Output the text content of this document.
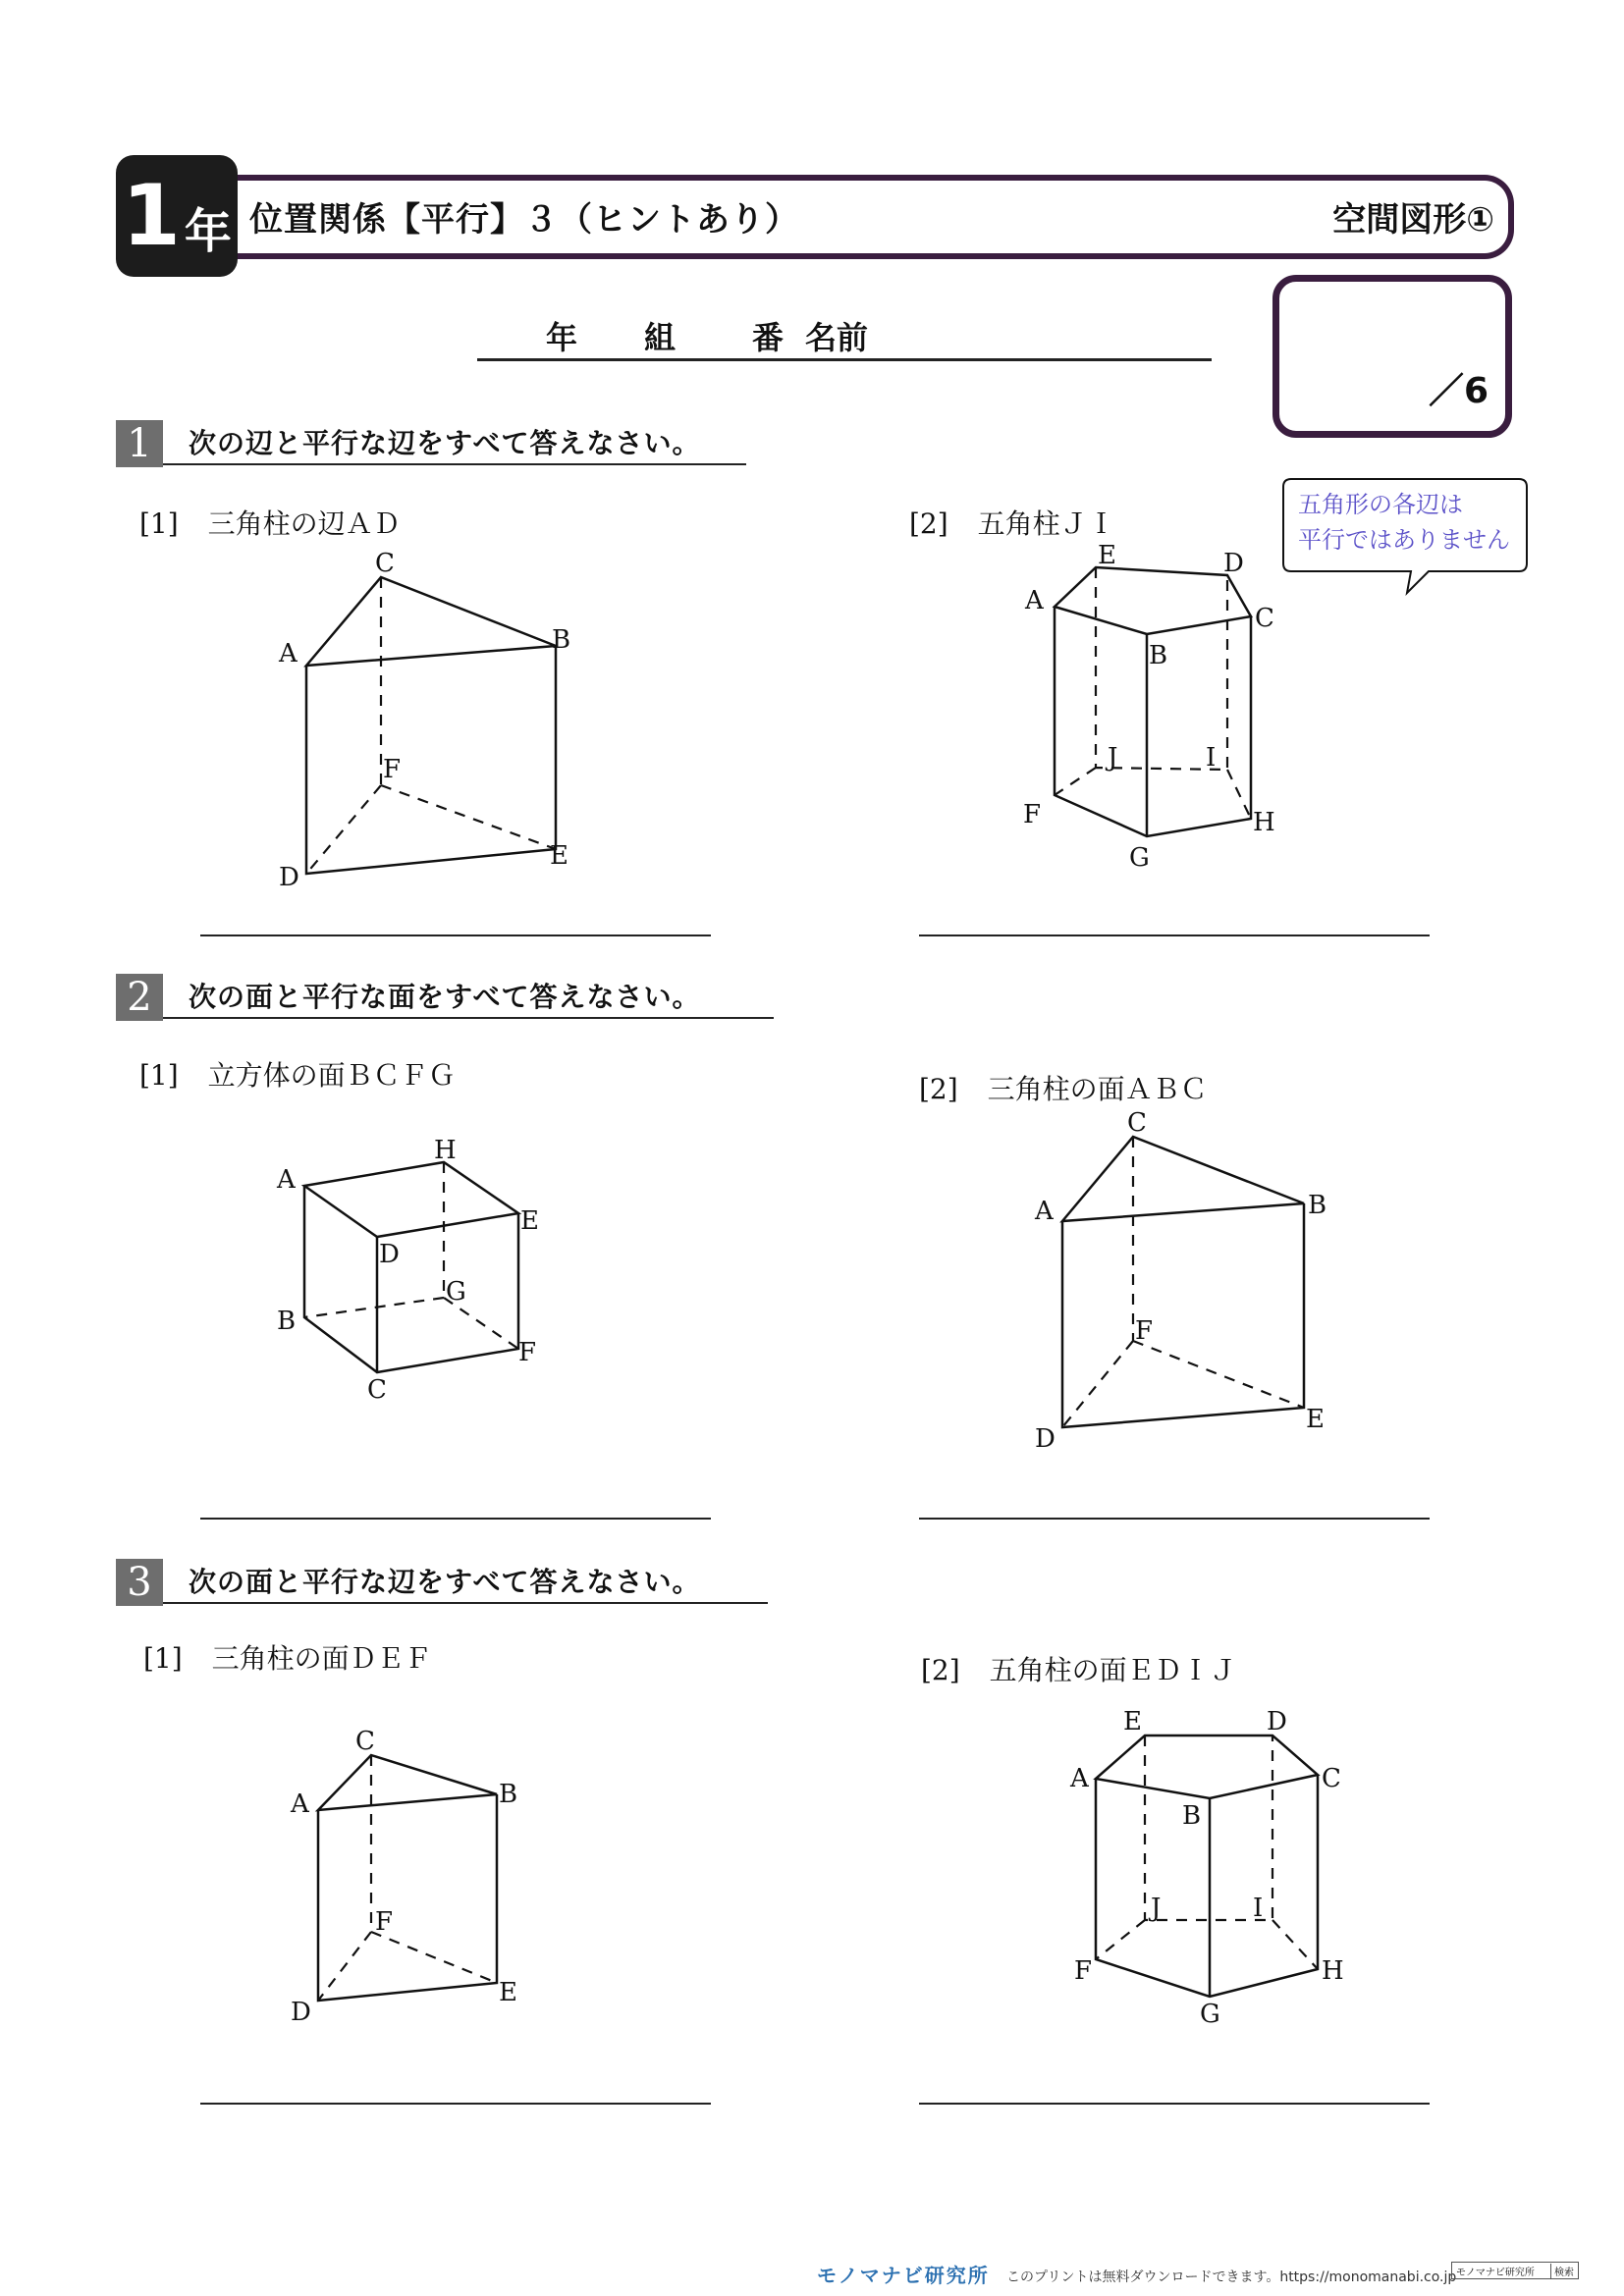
1 年 位置関係【平行】３（ヒントあり）	空間図形①
年	組	番 名前
／6
五角形の各辺は
平行ではありません
1	次の辺と平行な辺をすべて答えなさい。
[1] 三角柱の辺ＡＤ	[2] 五角柱ＪＩ
C
A	B
F
D
E
E	D
A
C
B
J	I
F	H
G
2	次の面と平行な面をすべて答えなさい。
[1] 立方体の面ＢＣＦＧ	[2] 三角柱の面ＡＢＣ
H
A
E
D
G
B
F
C
C
A	B
F
D
E
3	次の面と平行な辺をすべて答えなさい。
[1] 三角柱の面ＤＥＦ	[2] 五角柱の面ＥＤＩＪ
C
A	B
F
D
E
E	D
A	C
B
J	I
F	H
G
モノマナビ研究所 このプリントは無料ダウンロードできます。https://monomanabi.co.jp モノマナビ研究所	検索
